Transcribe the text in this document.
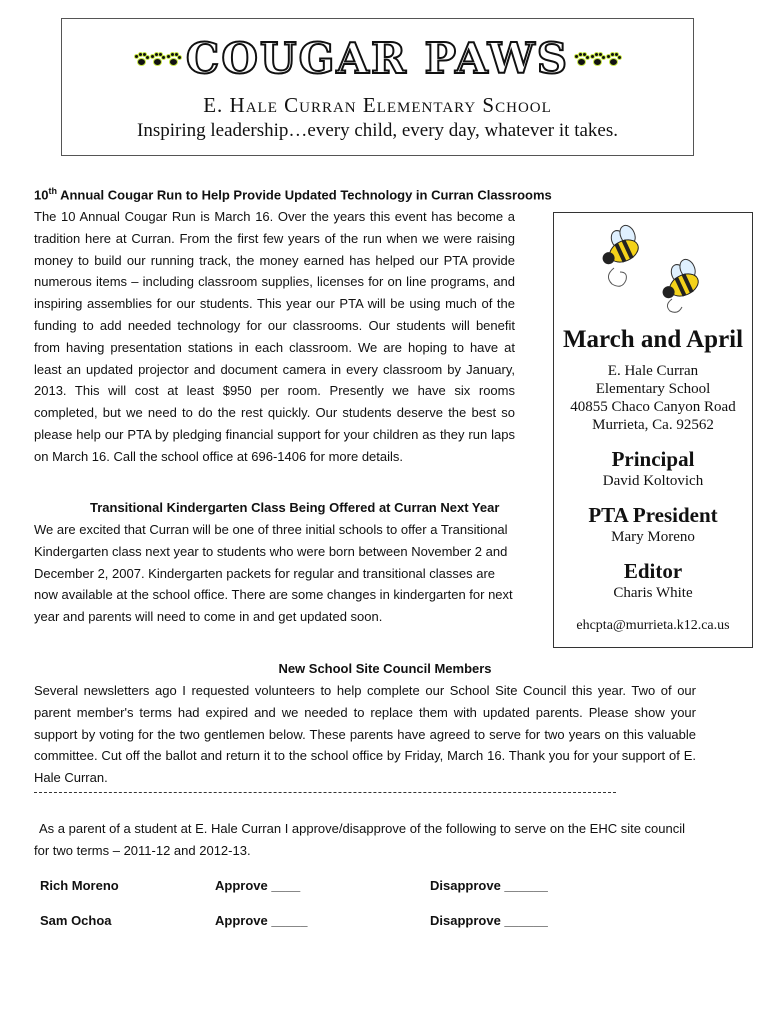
COUGAR PAWS
E. Hale Curran Elementary School
Inspiring leadership…every child, every day, whatever it takes.

10th Annual Cougar Run to Help Provide Updated Technology in Curran Classrooms

The 10 Annual Cougar Run is March 16. Over the years this event has become a tradition here at Curran. From the first few years of the run when we were raising money to build our running track, the money earned has helped our PTA provide numerous items – including classroom supplies, licenses for on line programs, and inspiring assemblies for our students. This year our PTA will be using much of the funding to add needed technology for our classrooms. Our students will benefit from having presentation stations in each classroom. We are hoping to have at least an updated projector and document camera in every classroom by January, 2013. This will cost at least $950 per room. Presently we have six rooms completed, but we need to do the rest quickly. Our students deserve the best so please help our PTA by pledging financial support for your children as they run laps on March 16. Call the school office at 696-1406 for more details.

Transitional Kindergarten Class Being Offered at Curran Next Year

We are excited that Curran will be one of three initial schools to offer a Transitional Kindergarten class next year to students who were born between November 2 and December 2, 2007. Kindergarten packets for regular and transitional classes are now available at the school office. There are some changes in kindergarten for next year and parents will need to come in and get updated soon.

March and April
E. Hale Curran
Elementary School
40855 Chaco Canyon Road
Murrieta, Ca. 92562
Principal
David Koltovich
PTA President
Mary Moreno
Editor
Charis White
ehcpta@murrieta.k12.ca.us

New School Site Council Members

Several newsletters ago I requested volunteers to help complete our School Site Council this year. Two of our parent member's terms had expired and we needed to replace them with updated parents. Please show your support by voting for the two gentlemen below. These parents have agreed to serve for two years on this valuable committee. Cut off the ballot and return it to the school office by Friday, March 16. Thank you for your support of E. Hale Curran.

As a parent of a student at E. Hale Curran I approve/disapprove of the following to serve on the EHC site council for two terms – 2011-12 and 2012-13.

Rich Moreno	Approve ____	Disapprove ______
Sam Ochoa	Approve _____	Disapprove ______
